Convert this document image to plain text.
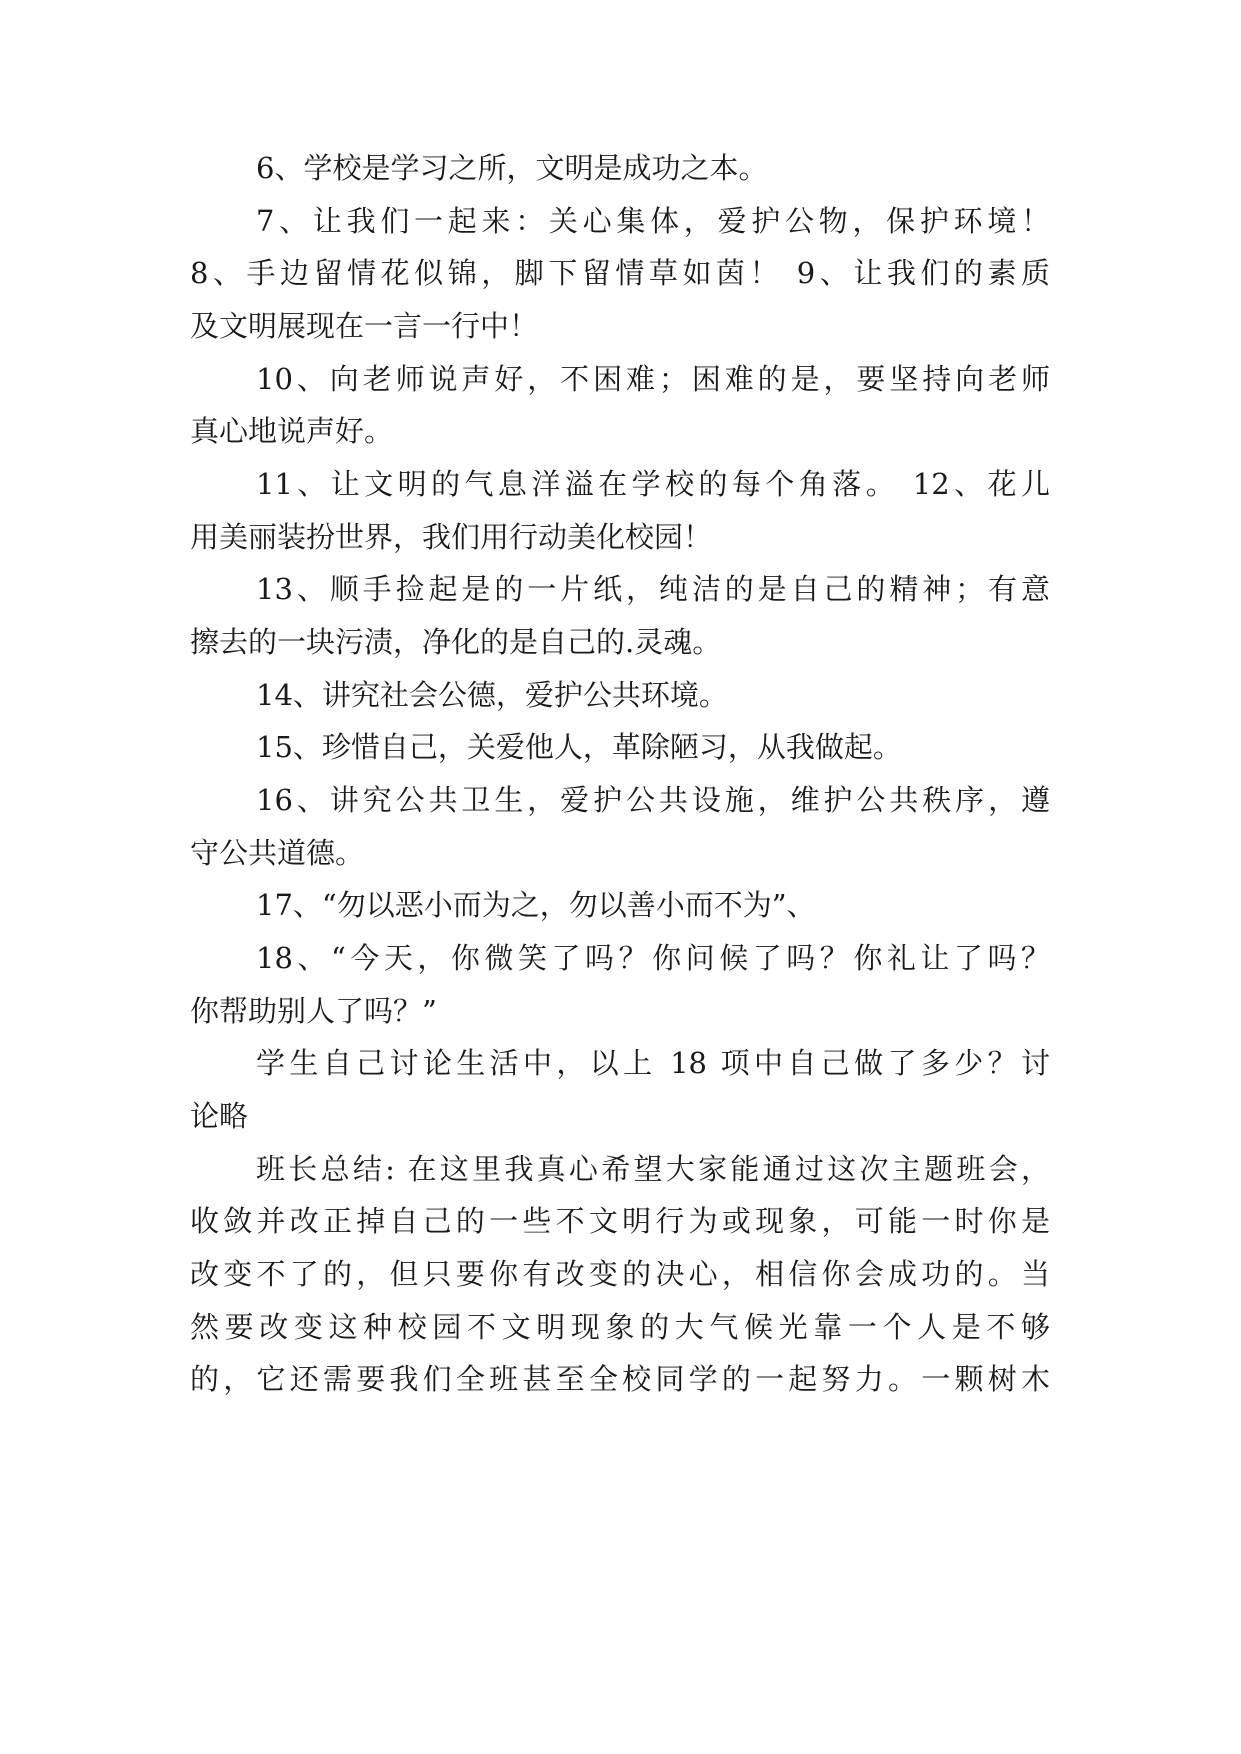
6、学校是学习之所，文明是成功之本。
7、让我们一起来：关心集体，爱护公物，保护环境！
8、手边留情花似锦，脚下留情草如茵！ 9、让我们的素质
及文明展现在一言一行中！
10、向老师说声好，不困难；困难的是，要坚持向老师
真心地说声好。
11、让文明的气息洋溢在学校的每个角落。 12、花儿
用美丽装扮世界，我们用行动美化校园！
13、顺手捡起是的一片纸，纯洁的是自己的精神；有意
擦去的一块污渍，净化的是自己的.灵魂。
14、讲究社会公德，爱护公共环境。
15、珍惜自己，关爱他人，革除陋习，从我做起。
16、讲究公共卫生，爱护公共设施，维护公共秩序，遵
守公共道德。
17、“勿以恶小而为之，勿以善小而不为”、
18、“今天，你微笑了吗？你问候了吗？你礼让了吗？
你帮助别人了吗？”
学生自己讨论生活中，以上 18 项中自己做了多少？讨
论略
班长总结: 在这里我真心希望大家能通过这次主题班会，
收敛并改正掉自己的一些不文明行为或现象，可能一时你是
改变不了的，但只要你有改变的决心，相信你会成功的。当
然要改变这种校园不文明现象的大气候光靠一个人是不够
的，它还需要我们全班甚至全校同学的一起努力。一颗树木
